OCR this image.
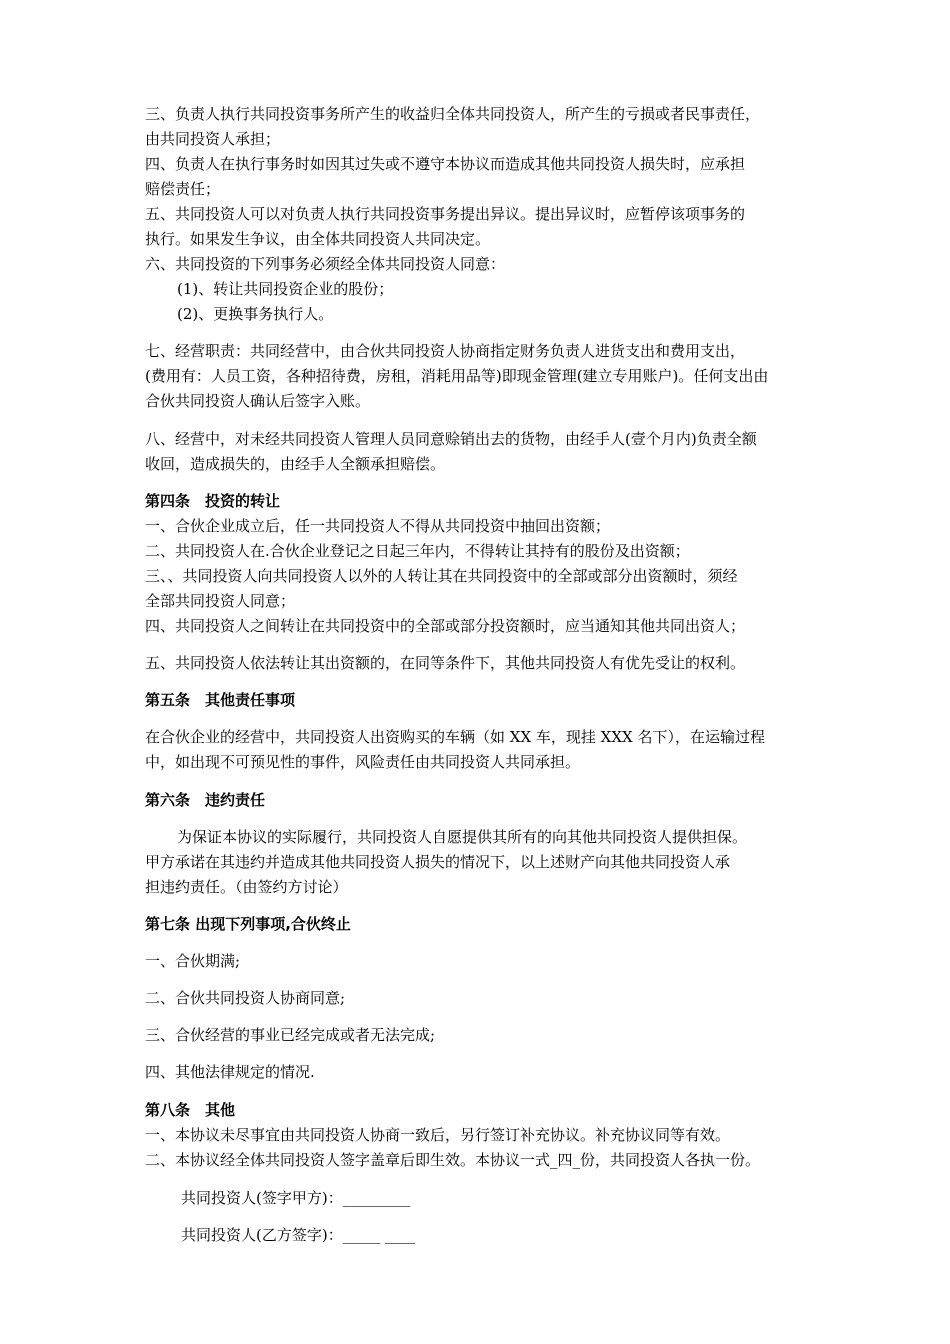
三、负责人执行共同投资事务所产生的收益归全体共同投资人，所产生的亏损或者民事责任，
由共同投资人承担；
四、负责人在执行事务时如因其过失或不遵守本协议而造成其他共同投资人损失时，应承担
赔偿责任；
五、共同投资人可以对负责人执行共同投资事务提出异议。提出异议时，应暂停该项事务的
执行。如果发生争议，由全体共同投资人共同决定。
六、共同投资的下列事务必须经全体共同投资人同意：
(1)、转让共同投资企业的股份；
(2)、更换事务执行人。
七、经营职责：共同经营中，由合伙共同投资人协商指定财务负责人进货支出和费用支出，
(费用有：人员工资，各种招待费，房租，消耗用品等)即现金管理(建立专用账户)。任何支出由
合伙共同投资人确认后签字入账。
八、经营中，对未经共同投资人管理人员同意赊销出去的货物，由经手人(壹个月内)负责全额
收回，造成损失的，由经手人全额承担赔偿。
第四条　投资的转让
一、合伙企业成立后，任一共同投资人不得从共同投资中抽回出资额；
二、共同投资人在.合伙企业登记之日起三年内，不得转让其持有的股份及出资额；
三、、共同投资人向共同投资人以外的人转让其在共同投资中的全部或部分出资额时，须经
全部共同投资人同意；
四、共同投资人之间转让在共同投资中的全部或部分投资额时，应当通知其他共同出资人；
五、共同投资人依法转让其出资额的，在同等条件下，其他共同投资人有优先受让的权利。
第五条　其他责任事项
在合伙企业的经营中，共同投资人出资购买的车辆（如 XX 车，现挂 XXX 名下），在运输过程
中，如出现不可预见性的事件，风险责任由共同投资人共同承担。
第六条　违约责任
为保证本协议的实际履行，共同投资人自愿提供其所有的向其他共同投资人提供担保。
甲方承诺在其违约并造成其他共同投资人损失的情况下，以上述财产向其他共同投资人承
担违约责任。（由签约方讨论）
第七条 出现下列事项,合伙终止
一、合伙期满;
二、合伙共同投资人协商同意;
三、合伙经营的事业已经完成或者无法完成;
四、其他法律规定的情况.
第八条　其他
一、本协议未尽事宜由共同投资人协商一致后，另行签订补充协议。补充协议同等有效。
二、本协议经全体共同投资人签字盖章后即生效。本协议一式_四_份，共同投资人各执一份。
共同投资人(签字甲方)：_________
共同投资人(乙方签字)：_____ ____
